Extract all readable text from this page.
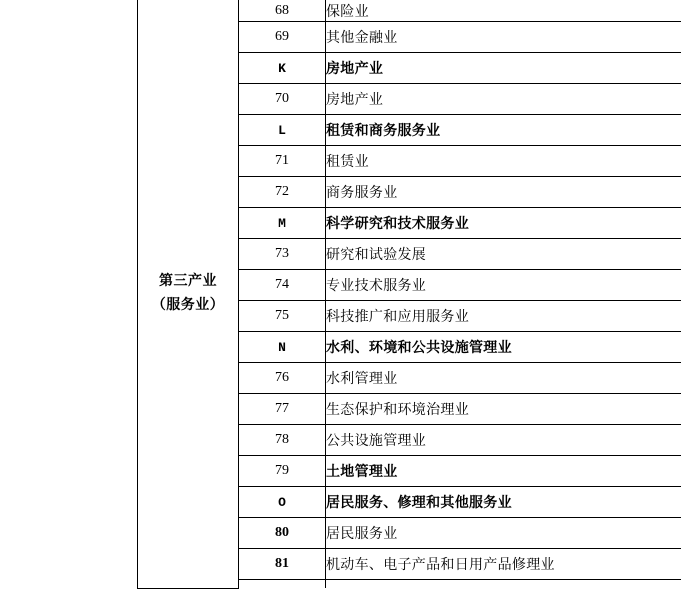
第三产业
（服务业）	68	保险业
	69	其他金融业
	K	房地产业
	70	房地产业
	L	租赁和商务服务业
	71	租赁业
	72	商务服务业
	M	科学研究和技术服务业
	73	研究和试验发展
	74	专业技术服务业
	75	科技推广和应用服务业
	N	水利、环境和公共设施管理业
	76	水利管理业
	77	生态保护和环境治理业
	78	公共设施管理业
	79	土地管理业
	O	居民服务、修理和其他服务业
	80	居民服务业
	81	机动车、电子产品和日用产品修理业
